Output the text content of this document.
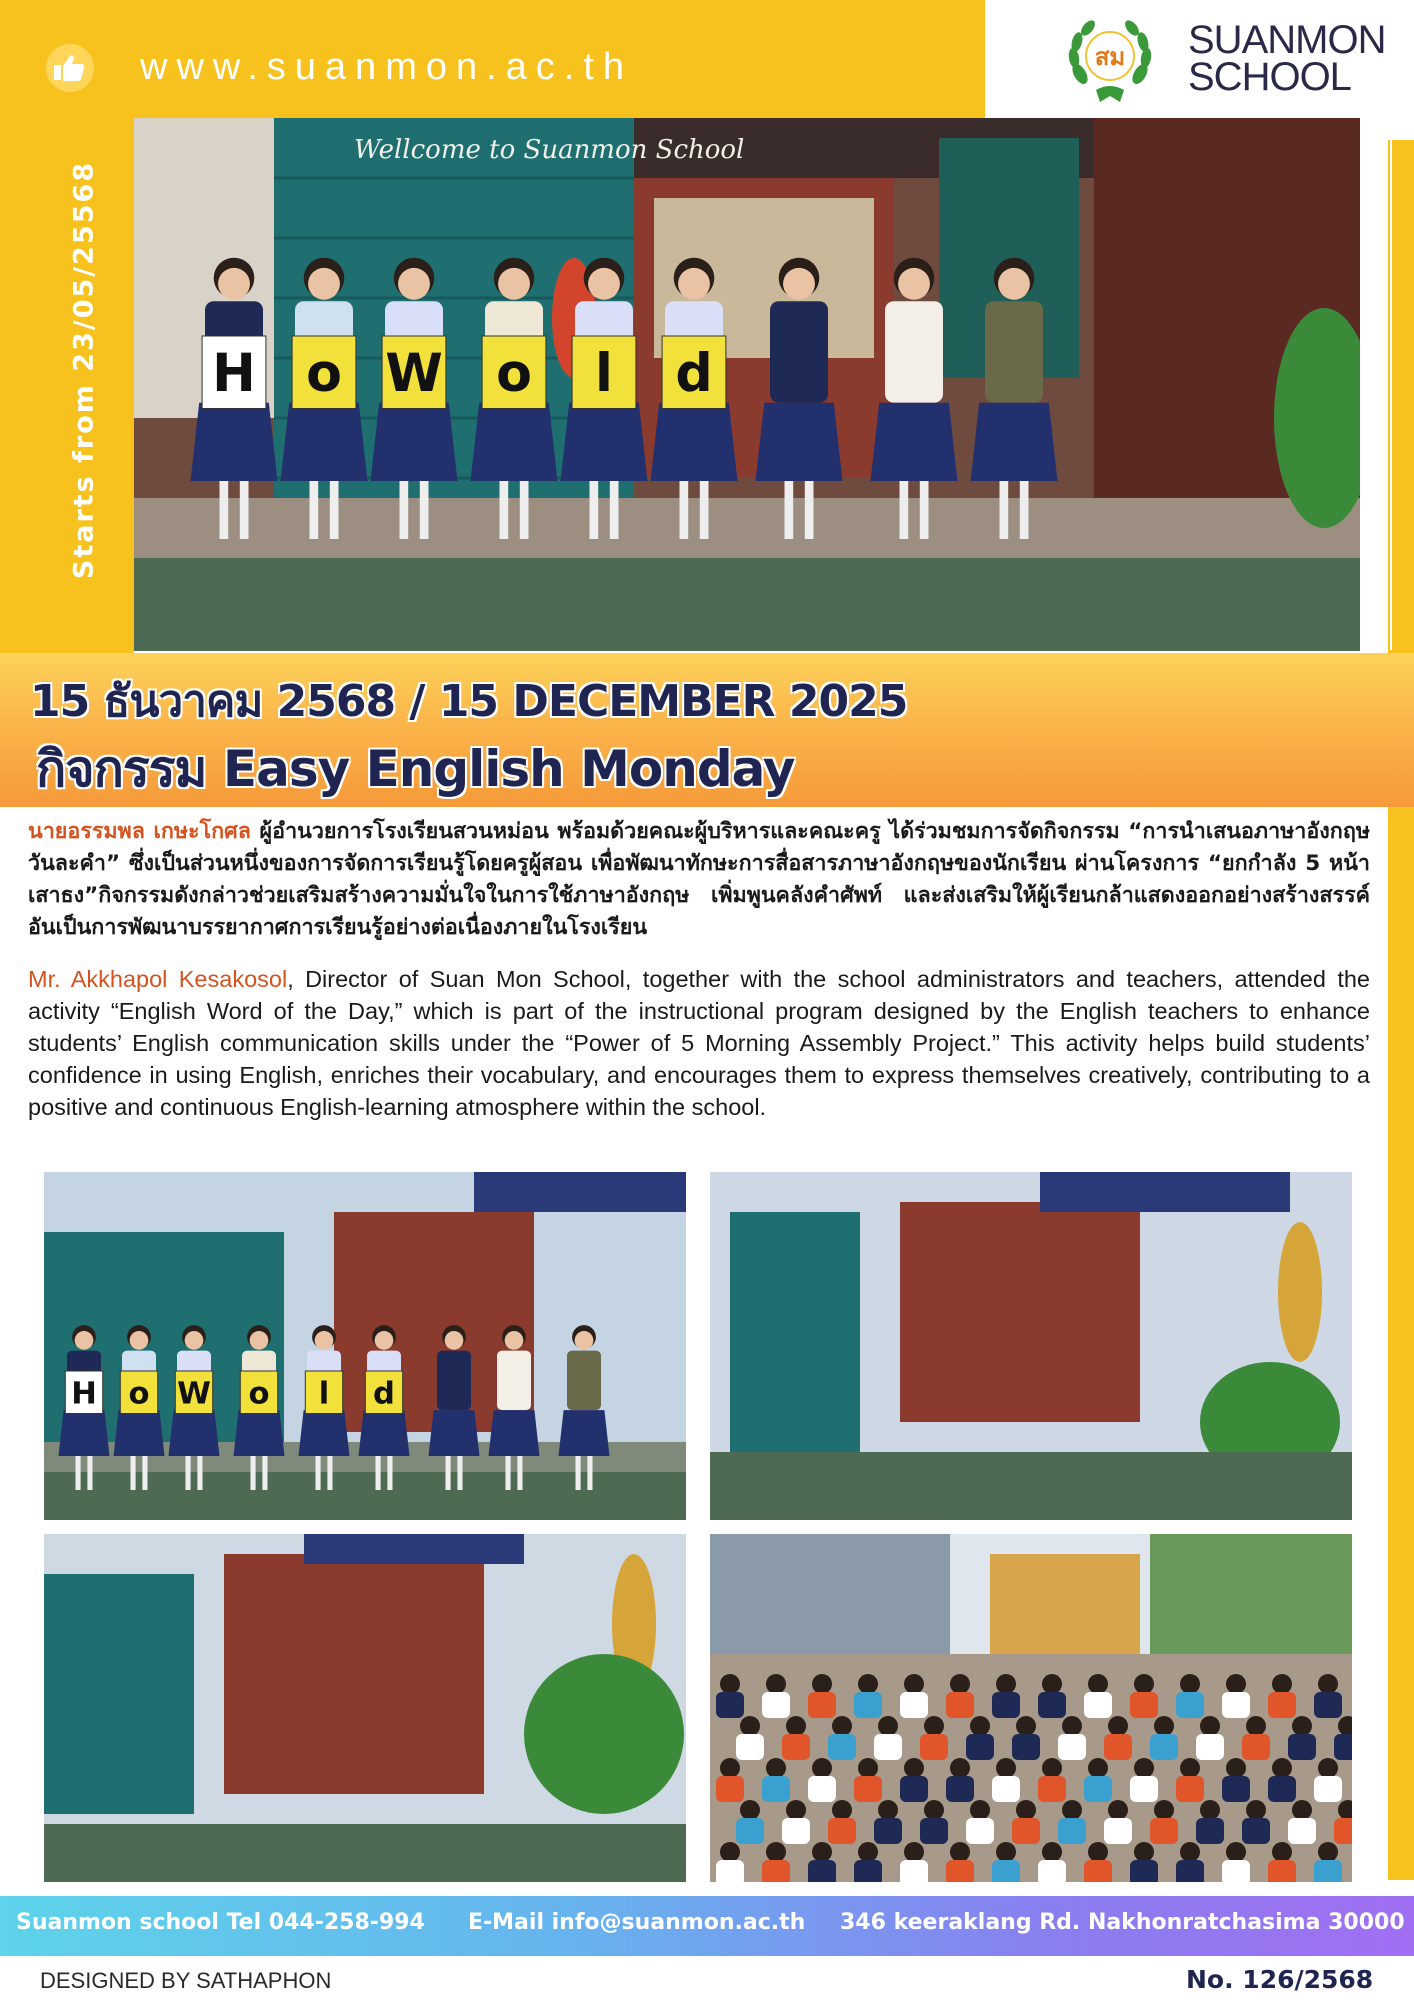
www.suanmon.ac.th	สม SUANMON
SCHOOL
Starts from 23/05/25568
Wellcome to Suanmon School
H o W o l d
15 ธันวาคม 2568 / 15 DECEMBER 2025
กิจกรรม Easy English Monday
นายอรรมพล เกษะโกศล ผู้อำนวยการโรงเรียนสวนหม่อน พร้อมด้วยคณะผู้บริหารและคณะครู ได้ร่วมชมการจัดกิจกรรม “การนำเสนอภาษาอังกฤษวันละคำ” ซึ่งเป็นส่วนหนึ่งของการจัดการเรียนรู้โดยครูผู้สอน เพื่อพัฒนาทักษะการสื่อสารภาษาอังกฤษของนักเรียน ผ่านโครงการ “ยกกำลัง 5 หน้าเสาธง”กิจกรรมดังกล่าวช่วยเสริมสร้างความมั่นใจในการใช้ภาษาอังกฤษ เพิ่มพูนคลังคำศัพท์ และส่งเสริมให้ผู้เรียนกล้าแสดงออกอย่างสร้างสรรค์ อันเป็นการพัฒนาบรรยากาศการเรียนรู้อย่างต่อเนื่องภายในโรงเรียน
Mr. Akkhapol Kesakosol, Director of Suan Mon School, together with the school administrators and teachers, attended the activity “English Word of the Day,” which is part of the instructional program designed by the English teachers to enhance students’ English communication skills under the “Power of 5 Morning Assembly Project.” This activity helps build students’ confidence in using English, enriches their vocabulary, and encourages them to express themselves creatively, contributing to a positive and continuous English-learning atmosphere within the school.
H o W o l d
Suanmon school Tel 044-258-994 E-Mail info@suanmon.ac.th 346 keeraklang Rd. Nakhonratchasima 30000
DESIGNED BY SATHAPHON	No. 126/2568
